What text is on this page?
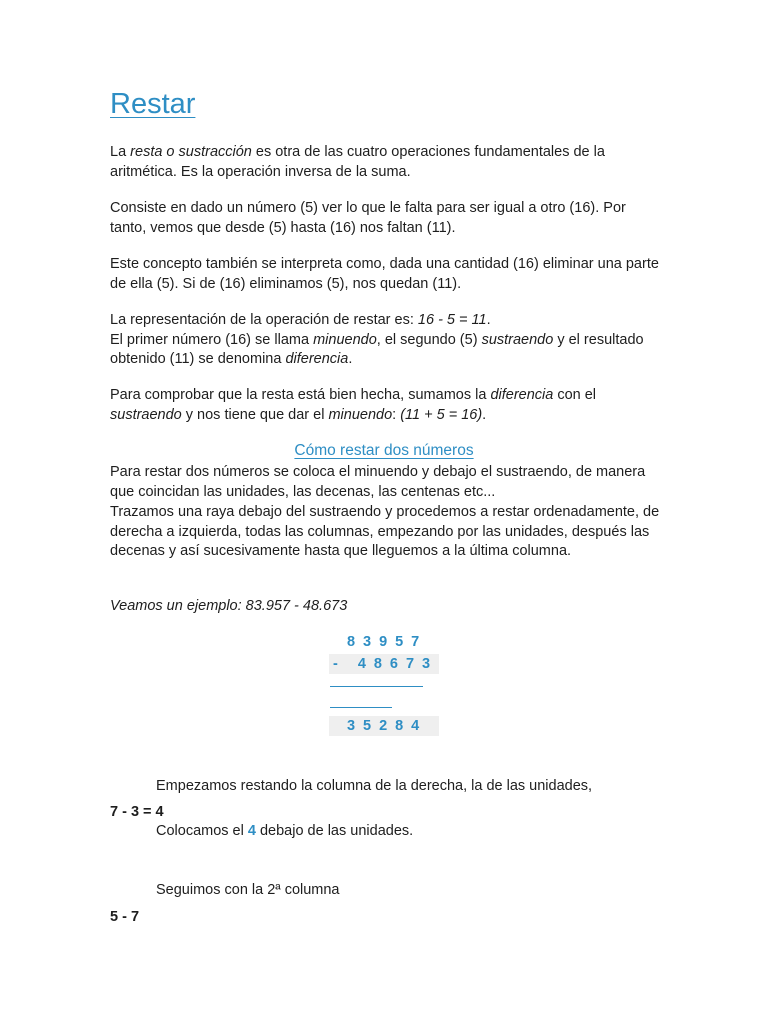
Restar

La resta o sustracción es otra de las cuatro operaciones fundamentales de la aritmética. Es la operación inversa de la suma.

Consiste en dado un número (5) ver lo que le falta para ser igual a otro (16). Por tanto, vemos que desde (5) hasta (16) nos faltan (11).

Este concepto también se interpreta como, dada una cantidad (16) eliminar una parte de ella (5). Si de (16) eliminamos (5), nos quedan (11).

La representación de la operación de restar es: 16 - 5 = 11.
El primer número (16) se llama minuendo, el segundo (5) sustraendo y el resultado obtenido (11) se denomina diferencia.

Para comprobar que la resta está bien hecha, sumamos la diferencia con el sustraendo y nos tiene que dar el minuendo: (11 + 5 = 16).

Cómo restar dos números

Para restar dos números se coloca el minuendo y debajo el sustraendo, de manera que coincidan las unidades, las decenas, las centenas etc...

Trazamos una raya debajo del sustraendo y procedemos a restar ordenadamente, de derecha a izquierda, todas las columnas, empezando por las unidades, después las decenas y así sucesivamente hasta que lleguemos a la última columna.

Veamos un ejemplo: 83.957 - 48.673

83957
- 48673
35284

Empezamos restando la columna de la derecha, la de las unidades,

7 - 3 = 4

Colocamos el 4 debajo de las unidades.

Seguimos con la 2ª columna

5 - 7
